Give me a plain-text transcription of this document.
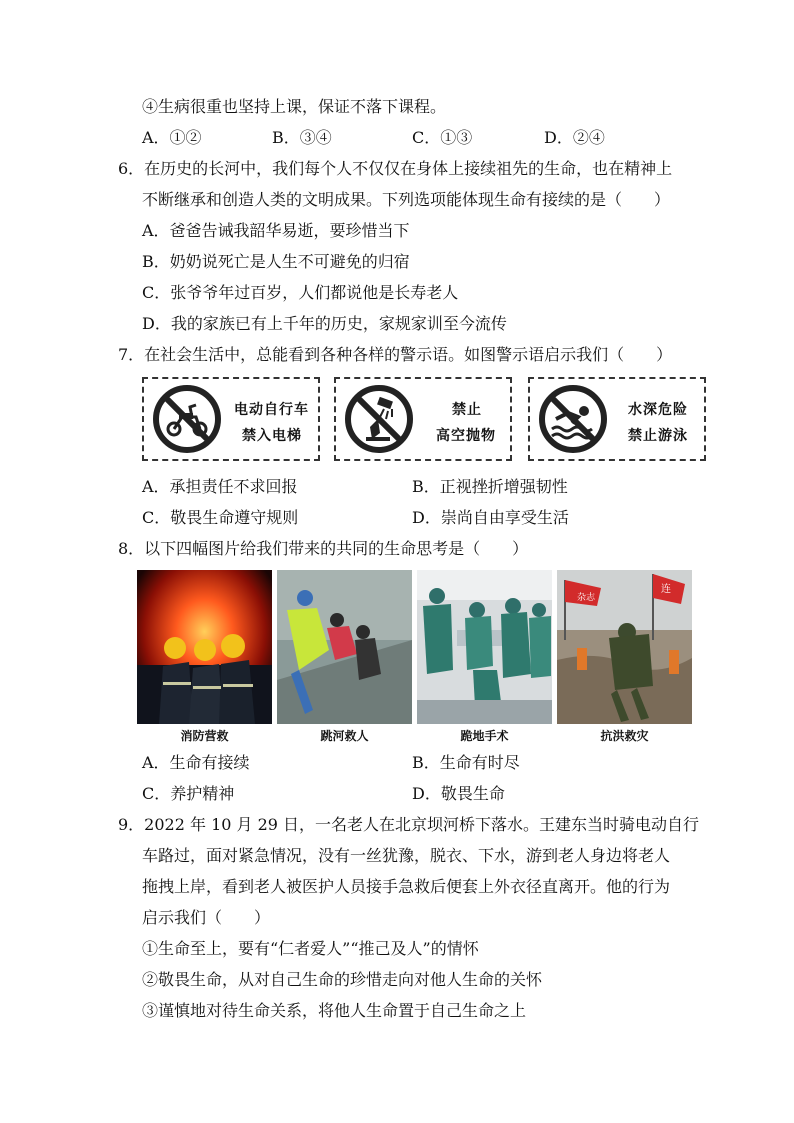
④生病很重也坚持上课，保证不落下课程。
A．①②	B．③④	C．①③	D．②④
6．在历史的长河中，我们每个人不仅仅在身体上接续祖先的生命，也在精神上
不断继承和创造人类的文明成果。下列选项能体现生命有接续的是（　　）
A．爸爸告诫我韶华易逝，要珍惜当下
B．奶奶说死亡是人生不可避免的归宿
C．张爷爷年过百岁，人们都说他是长寿老人
D．我的家族已有上千年的历史，家规家训至今流传
7．在社会生活中，总能看到各种各样的警示语。如图警示语启示我们（　　）
电动自行车
禁入电梯
禁止
高空抛物
水深危险
禁止游泳
A．承担责任不求回报	B．正视挫折增强韧性
C．敬畏生命遵守规则	D．崇尚自由享受生活
8．以下四幅图片给我们带来的共同的生命思考是（　　）
杂志
连
消防营救	跳河救人	跪地手术	抗洪救灾
A．生命有接续	B．生命有时尽
C．养护精神	D．敬畏生命
9．2022 年 10 月 29 日，一名老人在北京坝河桥下落水。王建东当时骑电动自行
车路过，面对紧急情况，没有一丝犹豫，脱衣、下水，游到老人身边将老人
拖拽上岸，看到老人被医护人员接手急救后便套上外衣径直离开。他的行为
启示我们（　　）
①生命至上，要有“仁者爱人”“推己及人”的情怀
②敬畏生命，从对自己生命的珍惜走向对他人生命的关怀
③谨慎地对待生命关系，将他人生命置于自己生命之上
